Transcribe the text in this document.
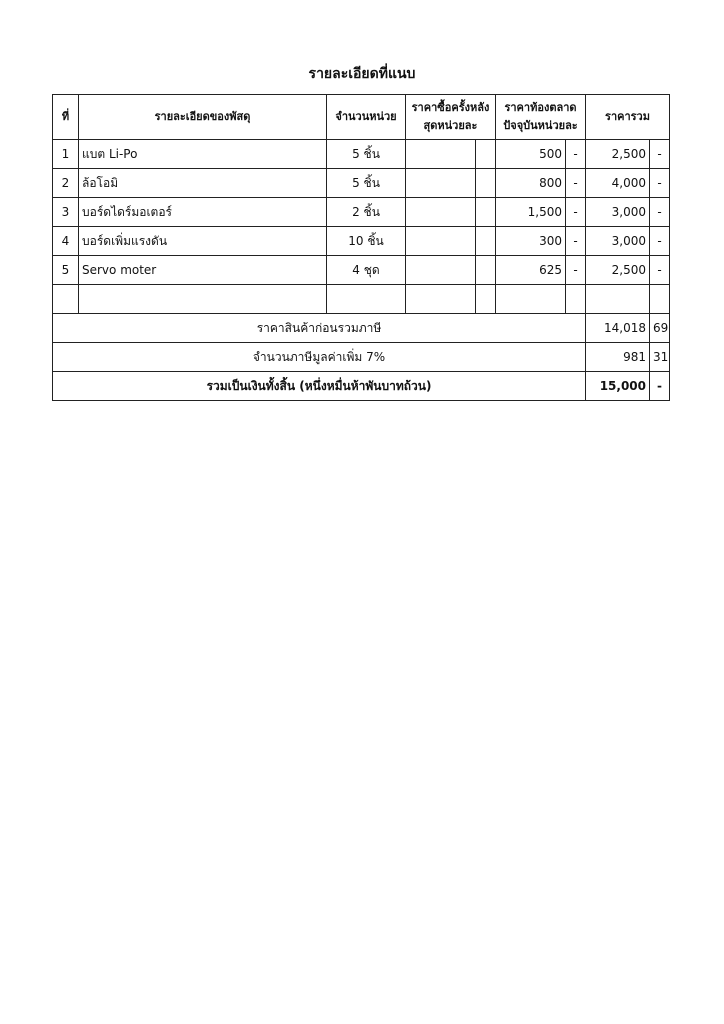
รายละเอียดที่แนบ
ที่	รายละเอียดของพัสดุ	จำนวนหน่วย	ราคาซื้อครั้งหลังสุดหน่วยละ		ราคาท้องตลาดปัจจุบันหน่วยละ		ราคารวม	
1	แบต Li-Po	5 ชิ้น			500	-	2,500	-
2	ล้อโอมิ	5 ชิ้น			800	-	4,000	-
3	บอร์ดไดร์มอเตอร์	2 ชิ้น			1,500	-	3,000	-
4	บอร์ดเพิ่มแรงดัน	10 ชิ้น			300	-	3,000	-
5	Servo moter	4 ชุด			625	-	2,500	-

ราคาสินค้าก่อนรวมภาษี							14,018	69
จำนวนภาษีมูลค่าเพิ่ม 7%							981	31
รวมเป็นเงินทั้งสิ้น (หนึ่งหมื่นห้าพันบาทถ้วน)							15,000	-
